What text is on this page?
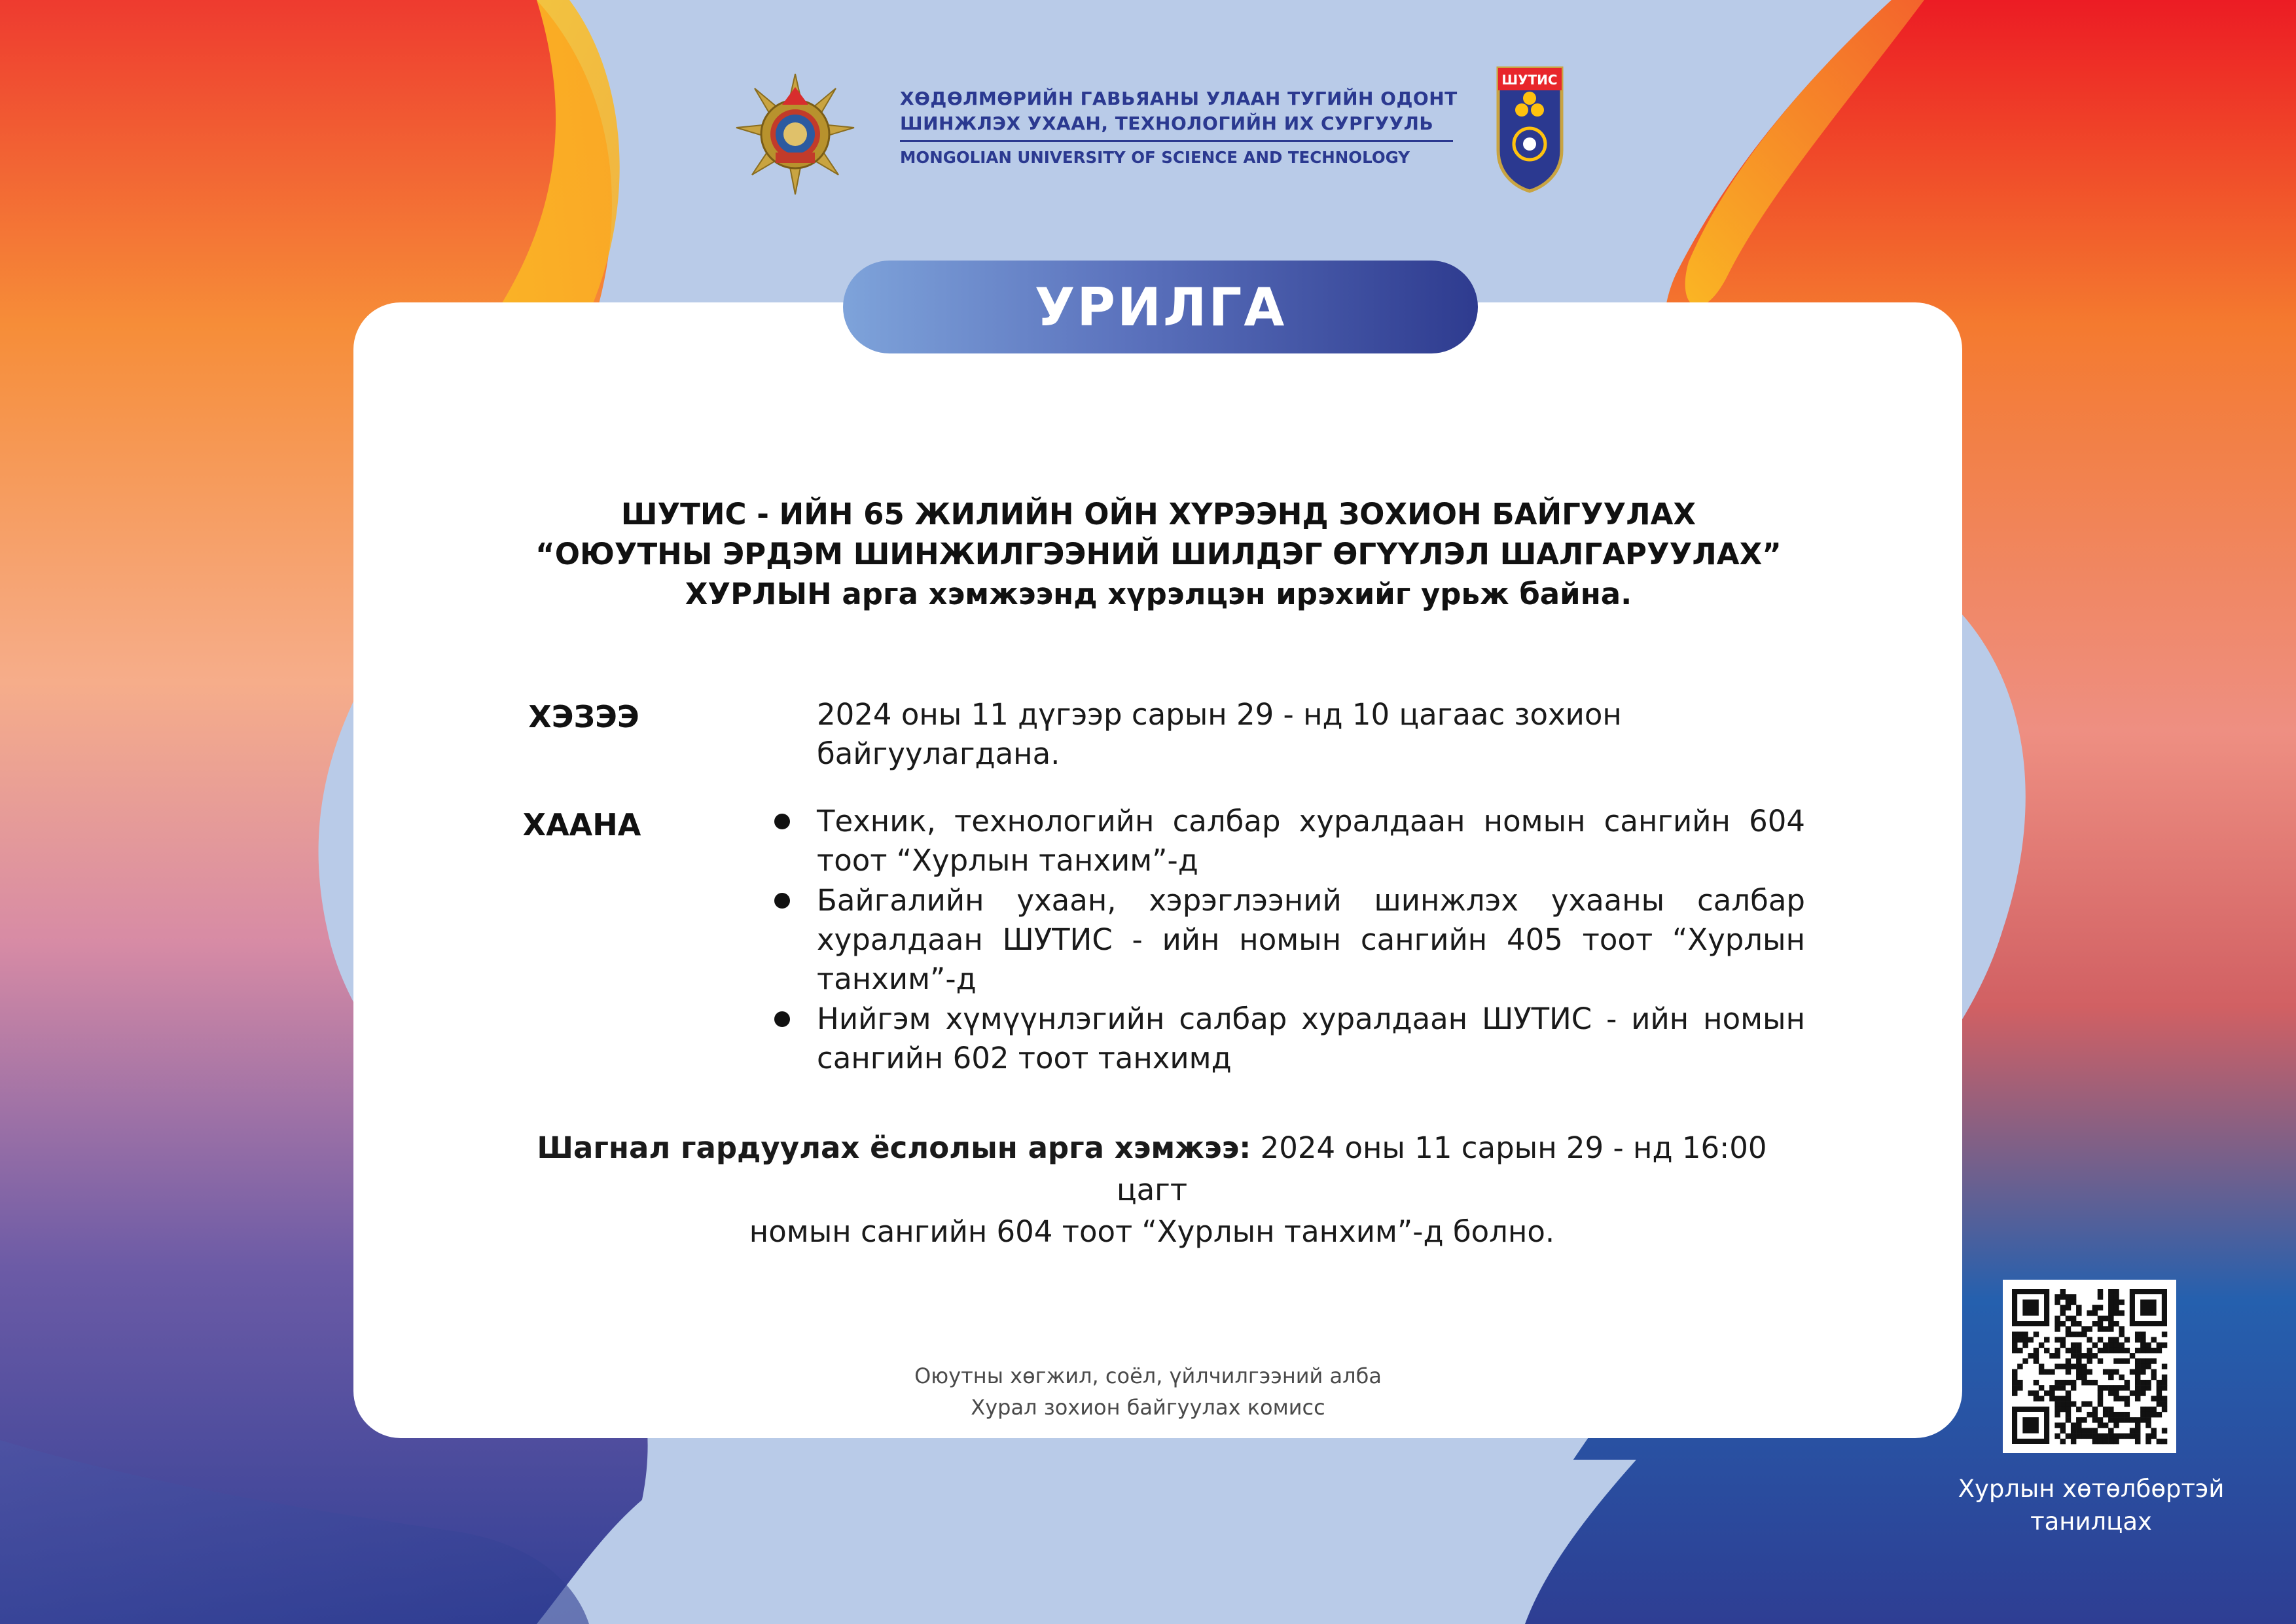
ХӨДӨЛМӨРИЙН ГАВЬЯАНЫ УЛААН ТУГИЙН ОДОНТ
ШИНЖЛЭХ УХААН, ТЕХНОЛОГИЙН ИХ СУРГУУЛЬ
MONGOLIAN UNIVERSITY OF SCIENCE AND TECHNOLOGY
ШУТИС
УРИЛГА
ШУТИС - ИЙН 65 ЖИЛИЙН ОЙН ХҮРЭЭНД ЗОХИОН БАЙГУУЛАХ
“ОЮУТНЫ ЭРДЭМ ШИНЖИЛГЭЭНИЙ ШИЛДЭГ ӨГҮҮЛЭЛ ШАЛГАРУУЛАХ”
ХУРЛЫН арга хэмжээнд хүрэлцэн ирэхийг урьж байна.
ХЭЗЭЭ	2024 оны 11 дүгээр сарын 29 - нд 10 цагаас зохион байгуулагдана.
ХААНА	Техник, технологийн салбар хуралдаан номын сангийн 604 тоот “Хурлын танхим”-д
Байгалийн ухаан, хэрэглээний шинжлэх ухааны салбар хуралдаан ШУТИС - ийн номын сангийн 405 тоот “Хурлын танхим”-д
Нийгэм хүмүүнлэгийн салбар хуралдаан ШУТИС - ийн номын сангийн 602 тоот танхимд
Шагнал гардуулах ёслолын арга хэмжээ: 2024 оны 11 сарын 29 - нд 16:00 цагт
номын сангийн 604 тоот “Хурлын танхим”-д болно.
Оюутны хөгжил, соёл, үйлчилгээний алба
Хурал зохион байгуулах комисс
Хурлын хөтөлбөртэй
танилцах
